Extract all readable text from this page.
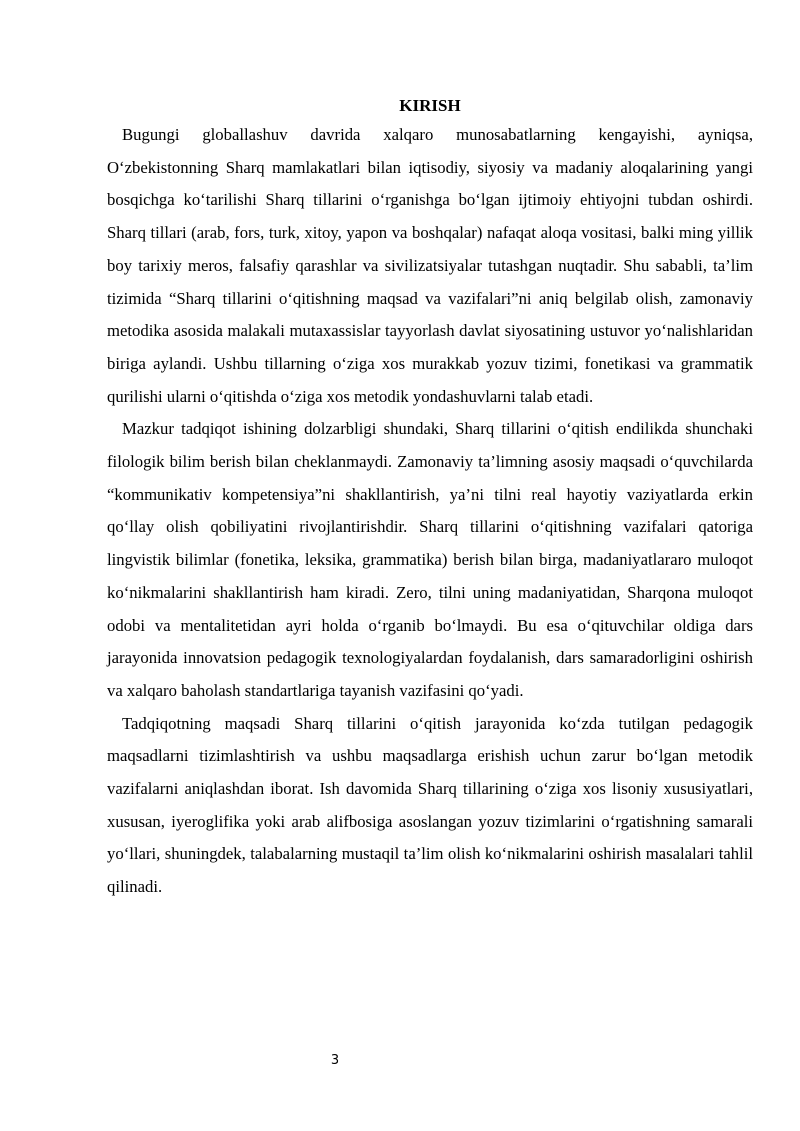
KIRISH

Bugungi globallashuv davrida xalqaro munosabatlarning kengayishi, ayniqsa, O‘zbekistonning Sharq mamlakatlari bilan iqtisodiy, siyosiy va madaniy aloqalarining yangi bosqichga ko‘tarilishi Sharq tillarini o‘rganishga bo‘lgan ijtimoiy ehtiyojni tubdan oshirdi. Sharq tillari (arab, fors, turk, xitoy, yapon va boshqalar) nafaqat aloqa vositasi, balki ming yillik boy tarixiy meros, falsafiy qarashlar va sivilizatsiyalar tutashgan nuqtadir. Shu sababli, ta’lim tizimida “Sharq tillarini o‘qitishning maqsad va vazifalari”ni aniq belgilab olish, zamonaviy metodika asosida malakali mutaxassislar tayyorlash davlat siyosatining ustuvor yo‘nalishlaridan biriga aylandi. Ushbu tillarning o‘ziga xos murakkab yozuv tizimi, fonetikasi va grammatik qurilishi ularni o‘qitishda o‘ziga xos metodik yondashuvlarni talab etadi.

Mazkur tadqiqot ishining dolzarbligi shundaki, Sharq tillarini o‘qitish endilikda shunchaki filologik bilim berish bilan cheklanmaydi. Zamonaviy ta’limning asosiy maqsadi o‘quvchilarda “kommunikativ kompetensiya”ni shakllantirish, ya’ni tilni real hayotiy vaziyatlarda erkin qo‘llay olish qobiliyatini rivojlantirishdir. Sharq tillarini o‘qitishning vazifalari qatoriga lingvistik bilimlar (fonetika, leksika, grammatika) berish bilan birga, madaniyatlararo muloqot ko‘nikmalarini shakllantirish ham kiradi. Zero, tilni uning madaniyatidan, Sharqona muloqot odobi va mentalitetidan ayri holda o‘rganib bo‘lmaydi. Bu esa o‘qituvchilar oldiga dars jarayonida innovatsion pedagogik texnologiyalardan foydalanish, dars samaradorligini oshirish va xalqaro baholash standartlariga tayanish vazifasini qo‘yadi.

Tadqiqotning maqsadi Sharq tillarini o‘qitish jarayonida ko‘zda tutilgan pedagogik maqsadlarni tizimlashtirish va ushbu maqsadlarga erishish uchun zarur bo‘lgan metodik vazifalarni aniqlashdan iborat. Ish davomida Sharq tillarining o‘ziga xos lisoniy xususiyatlari, xususan, iyeroglifika yoki arab alifbosiga asoslangan yozuv tizimlarini o‘rgatishning samarali yo‘llari, shuningdek, talabalarning mustaqil ta’lim olish ko‘nikmalarini oshirish masalalari tahlil qilinadi.

3
